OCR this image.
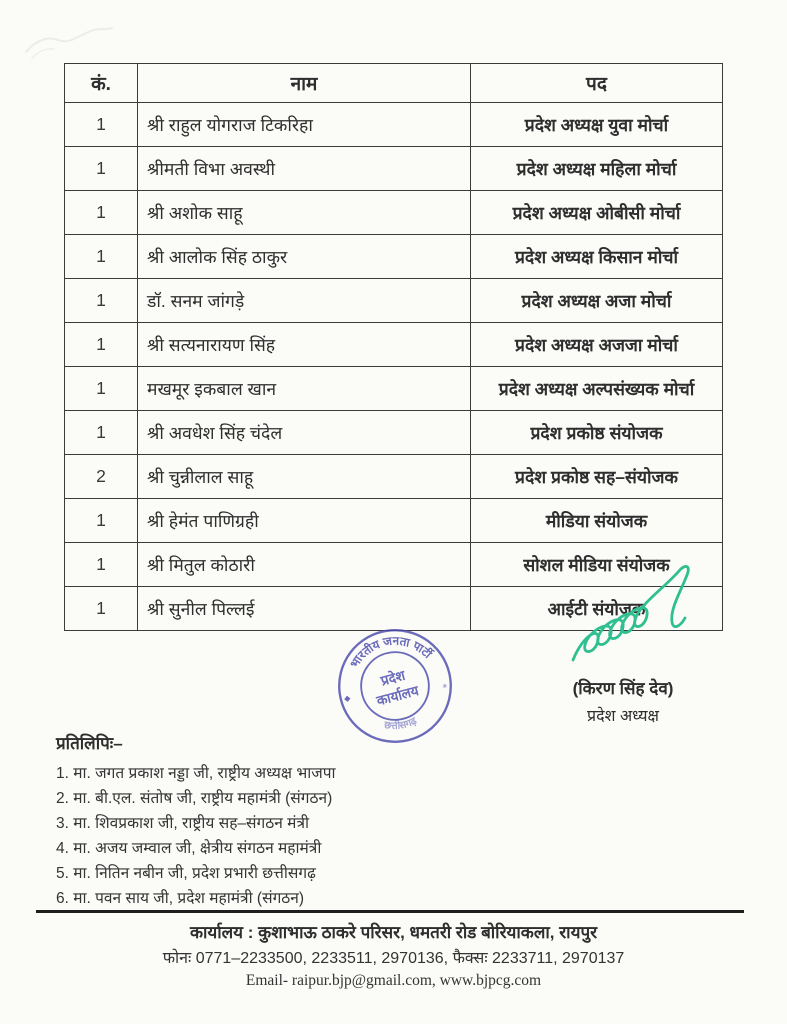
कं.	नाम	पद
1	श्री राहुल योगराज टिकरिहा	प्रदेश अध्यक्ष युवा मोर्चा
1	श्रीमती विभा अवस्थी	प्रदेश अध्यक्ष महिला मोर्चा
1	श्री अशोक साहू	प्रदेश अध्यक्ष ओबीसी मोर्चा
1	श्री आलोक सिंह ठाकुर	प्रदेश अध्यक्ष किसान मोर्चा
1	डॉ. सनम जांगड़े	प्रदेश अध्यक्ष अजा मोर्चा
1	श्री सत्यनारायण सिंह	प्रदेश अध्यक्ष अजजा मोर्चा
1	मखमूर इकबाल खान	प्रदेश अध्यक्ष अल्पसंख्यक मोर्चा
1	श्री अवधेश सिंह चंदेल	प्रदेश प्रकोष्ठ संयोजक
2	श्री चुन्नीलाल साहू	प्रदेश प्रकोष्ठ सह–संयोजक
1	श्री हेमंत पाणिग्रही	मीडिया संयोजक
1	श्री मितुल कोठारी	सोशल मीडिया संयोजक
1	श्री सुनील पिल्लई	आईटी संयोजक
भारतीय जनता पार्टी
छत्तीसगढ़
प्रदेश
कार्यालय
◆
✳	(किरण सिंह देव)
प्रदेश अध्यक्ष
प्रतिलिपिः–
1. मा. जगत प्रकाश नड्डा जी, राष्ट्रीय अध्यक्ष भाजपा
2. मा. बी.एल. संतोष जी, राष्ट्रीय महामंत्री (संगठन)
3. मा. शिवप्रकाश जी, राष्ट्रीय सह–संगठन मंत्री
4. मा. अजय जम्वाल जी, क्षेत्रीय संगठन महामंत्री
5. मा. नितिन नबीन जी, प्रदेश प्रभारी छत्तीसगढ़
6. मा. पवन साय जी, प्रदेश महामंत्री (संगठन)
कार्यालय : कुशाभाऊ ठाकरे परिसर, धमतरी रोड बोरियाकला, रायपुर
फोनः 0771–2233500, 2233511, 2970136, फैक्सः 2233711, 2970137
Email- raipur.bjp@gmail.com, www.bjpcg.com
